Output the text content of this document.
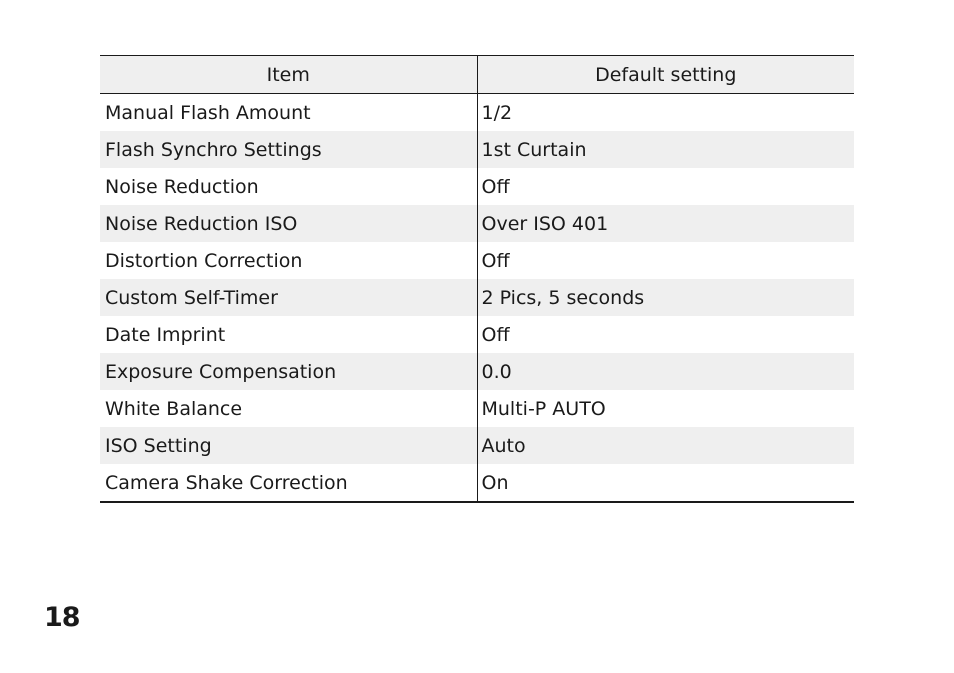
Item	Default setting
Manual Flash Amount	1/2
Flash Synchro Settings	1st Curtain
Noise Reduction	Off
Noise Reduction ISO	Over ISO 401
Distortion Correction	Off
Custom Self-Timer	2 Pics, 5 seconds
Date Imprint	Off
Exposure Compensation	0.0
White Balance	Multi-P AUTO
ISO Setting	Auto
Camera Shake Correction	On
18
